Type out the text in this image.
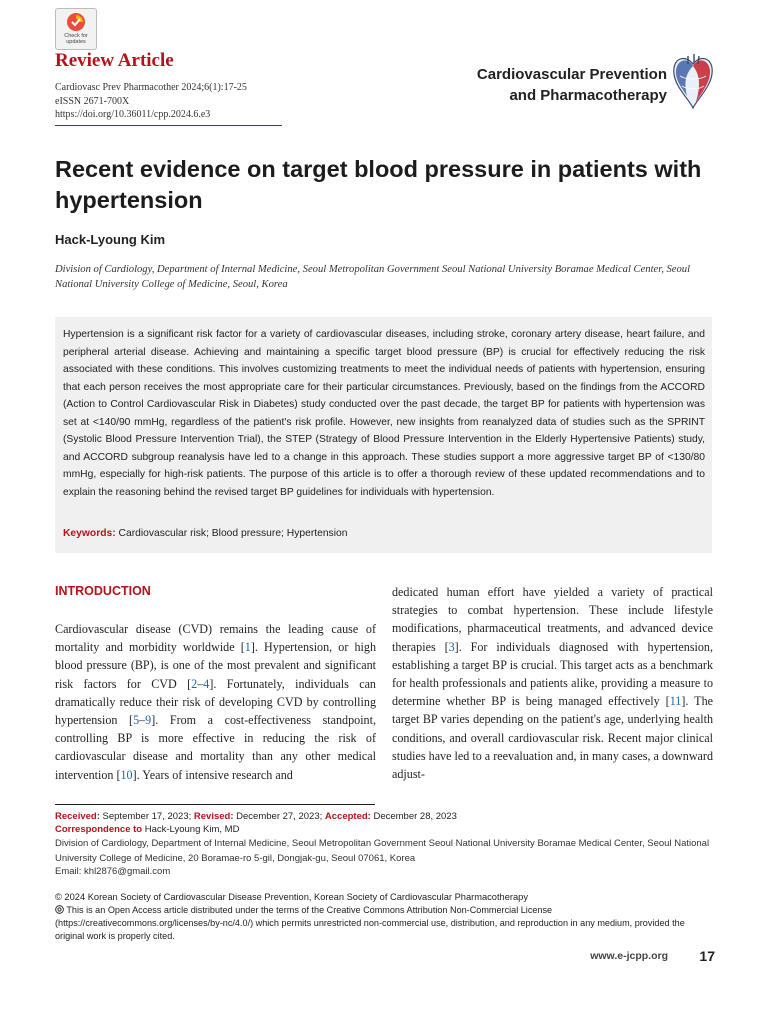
Check for updates
Review Article
Cardiovasc Prev Pharmacother 2024;6(1):17-25
eISSN 2671-700X
https://doi.org/10.36011/cpp.2024.6.e3
Cardiovascular Prevention
and Pharmacotherapy
Recent evidence on target blood pressure in patients with hypertension
Hack-Lyoung Kim
Division of Cardiology, Department of Internal Medicine, Seoul Metropolitan Government Seoul National University Boramae Medical Center, Seoul National University College of Medicine, Seoul, Korea
Hypertension is a significant risk factor for a variety of cardiovascular diseases, including stroke, coronary artery disease, heart failure, and peripheral arterial disease. Achieving and maintaining a specific target blood pressure (BP) is crucial for effectively reducing the risk associated with these conditions. This involves customizing treatments to meet the individual needs of patients with hypertension, ensuring that each person receives the most appropriate care for their particular circumstances. Previously, based on the findings from the ACCORD (Action to Control Cardiovascular Risk in Diabetes) study conducted over the past decade, the target BP for patients with hypertension was set at <140/90 mmHg, regardless of the patient's risk profile. However, new insights from reanalyzed data of studies such as the SPRINT (Systolic Blood Pressure Intervention Trial), the STEP (Strategy of Blood Pressure Intervention in the Elderly Hypertensive Patients) study, and ACCORD subgroup reanalysis have led to a change in this approach. These studies support a more aggressive target BP of <130/80 mmHg, especially for high-risk patients. The purpose of this article is to offer a thorough review of these updated recommendations and to explain the reasoning behind the revised target BP guidelines for individuals with hypertension.
Keywords: Cardiovascular risk; Blood pressure; Hypertension
INTRODUCTION
Cardiovascular disease (CVD) remains the leading cause of mortality and morbidity worldwide [1]. Hypertension, or high blood pressure (BP), is one of the most prevalent and significant risk factors for CVD [2–4]. Fortunately, individuals can dramatically reduce their risk of developing CVD by controlling hypertension [5–9]. From a cost-effectiveness standpoint, controlling BP is more effective in reducing the risk of cardiovascular disease and mortality than any other medical intervention [10]. Years of intensive research and
dedicated human effort have yielded a variety of practical strategies to combat hypertension. These include lifestyle modifications, pharmaceutical treatments, and advanced device therapies [3]. For individuals diagnosed with hypertension, establishing a target BP is crucial. This target acts as a benchmark for health professionals and patients alike, providing a measure to determine whether BP is being managed effectively [11]. The target BP varies depending on the patient's age, underlying health conditions, and overall cardiovascular risk. Recent major clinical studies have led to a reevaluation and, in many cases, a downward adjust-
Received: September 17, 2023; Revised: December 27, 2023; Accepted: December 28, 2023
Correspondence to Hack-Lyoung Kim, MD
Division of Cardiology, Department of Internal Medicine, Seoul Metropolitan Government Seoul National University Boramae Medical Center, Seoul National University College of Medicine, 20 Boramae-ro 5-gil, Dongjak-gu, Seoul 07061, Korea
Email: khl2876@gmail.com
© 2024 Korean Society of Cardiovascular Disease Prevention, Korean Society of Cardiovascular Pharmacotherapy
This is an Open Access article distributed under the terms of the Creative Commons Attribution Non-Commercial License (https://creativecommons.org/licenses/by-nc/4.0/) which permits unrestricted non-commercial use, distribution, and reproduction in any medium, provided the original work is properly cited.
www.e-jcpp.org	17
